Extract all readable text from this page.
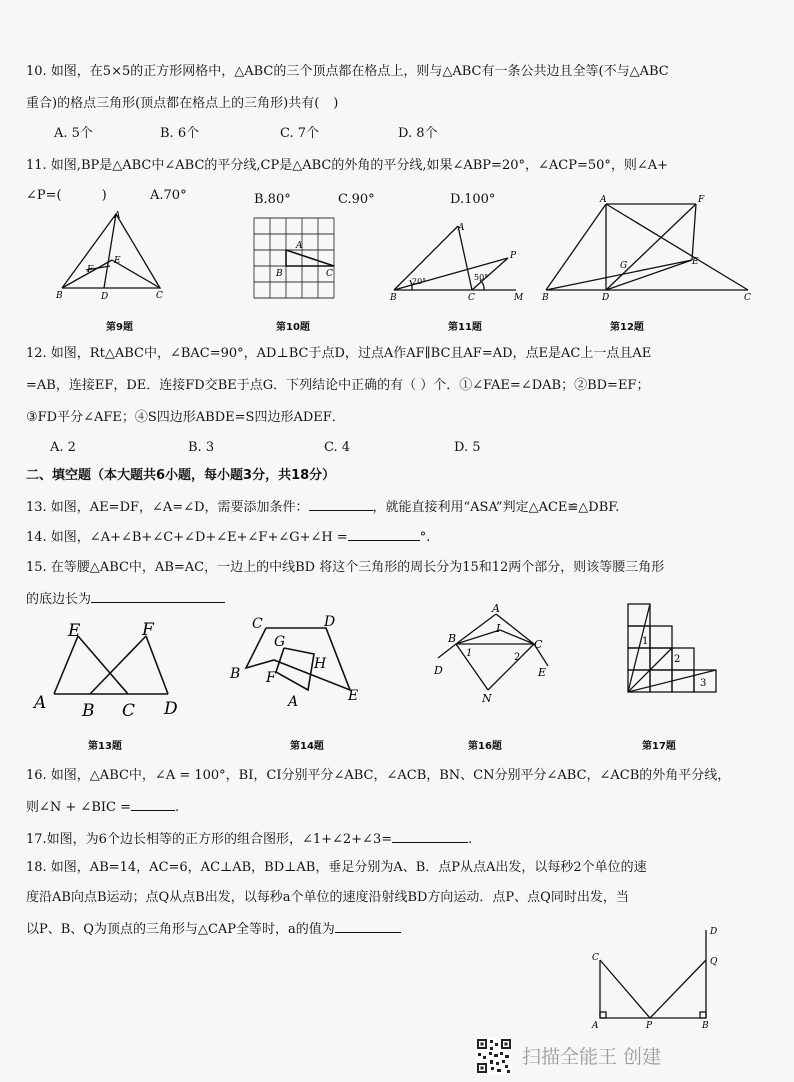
10. 如图，在5×5的正方形网格中，△ABC的三个顶点都在格点上，则与△ABC有一条公共边且全等(不与△ABC
重合)的格点三角形(顶点都在格点上的三角形)共有( )
A. 5个	B. 6个	C. 7个	D. 8个
11. 如图,BP是△ABC中∠ABC的平分线,CP是△ABC的外角的平分线,如果∠ABP=20°，∠ACP=50°，则∠A+
∠P=(	)	A.70°	B.80°	C.90°	D.100°
A
F
E
B	D	C
第9题
A
B	C
第10题
A
P
20°	50°
B	C	M
第11题
A	F
G	E
B	D	C
第12题
12. 如图，Rt△ABC中，∠BAC=90°，AD⊥BC于点D，过点A作AF∥BC且AF=AD，点E是AC上一点且AE
=AB，连接EF，DE．连接FD交BE于点G．下列结论中正确的有（ ）个．①∠FAE=∠DAB；②BD=EF；
③FD平分∠AFE；④S四边形ABDE=S四边形ADEF．
A. 2	B. 3	C. 4	D. 5
二、填空题（本大题共6小题，每小题3分，共18分）
13. 如图，AE=DF，∠A=∠D，需要添加条件：	，就能直接利用“ASA”判定△ACE≌△DBF.
14. 如图，∠A+∠B+∠C+∠D+∠E+∠F+∠G+∠H =	°.
15. 在等腰△ABC中，AB=AC，一边上的中线BD 将这个三角形的周长分为15和12两个部分，则该等腰三角形
的底边长为
E	F
A B C D
第13题
C	D
G
H
B F
E
A
第14题
A
I
B	C
1	2
D	E
N
第16题
1
2
3
第17题
16. 如图，△ABC中，∠A = 100°，BI，CI分别平分∠ABC，∠ACB，BN、CN分别平分∠ABC，∠ACB的外角平分线，
则∠N + ∠BIC =	.
17.如图，为6个边长相等的正方形的组合图形，∠1+∠2+∠3=	.
18. 如图，AB=14，AC=6，AC⊥AB，BD⊥AB，垂足分别为A、B．点P从点A出发，以每秒2个单位的速
度沿AB向点B运动；点Q从点B出发，以每秒a个单位的速度沿射线BD方向运动．点P、点Q同时出发，当
以P、B、Q为顶点的三角形与△CAP全等时，a的值为	D
C	Q
A	P	B
扫描全能王 创建
